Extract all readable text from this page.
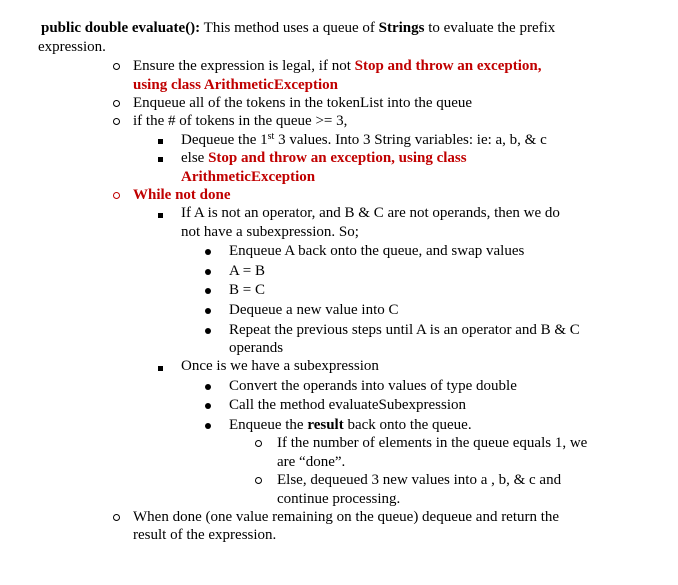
public double evaluate(): This method uses a queue of Strings to evaluate the prefix
expression.
Ensure the expression is legal, if not Stop and throw an exception,
using class ArithmeticException
Enqueue all of the tokens in the tokenList into the queue
if the # of tokens in the queue >= 3,
Dequeue the 1st 3 values. Into 3 String variables: ie: a, b, & c
else Stop and throw an exception, using class
ArithmeticException
While not done
If A is not an operator, and B & C are not operands, then we do
not have a subexpression. So;
Enqueue A back onto the queue, and swap values
A = B
B = C
Dequeue a new value into C
Repeat the previous steps until A is an operator and B & C
operands
Once is we have a subexpression
Convert the operands into values of type double
Call the method evaluateSubexpression
Enqueue the result back onto the queue.
If the number of elements in the queue equals 1, we
are “done”.
Else, dequeued 3 new values into a , b, & c and
continue processing.
When done (one value remaining on the queue) dequeue and return the
result of the expression.
